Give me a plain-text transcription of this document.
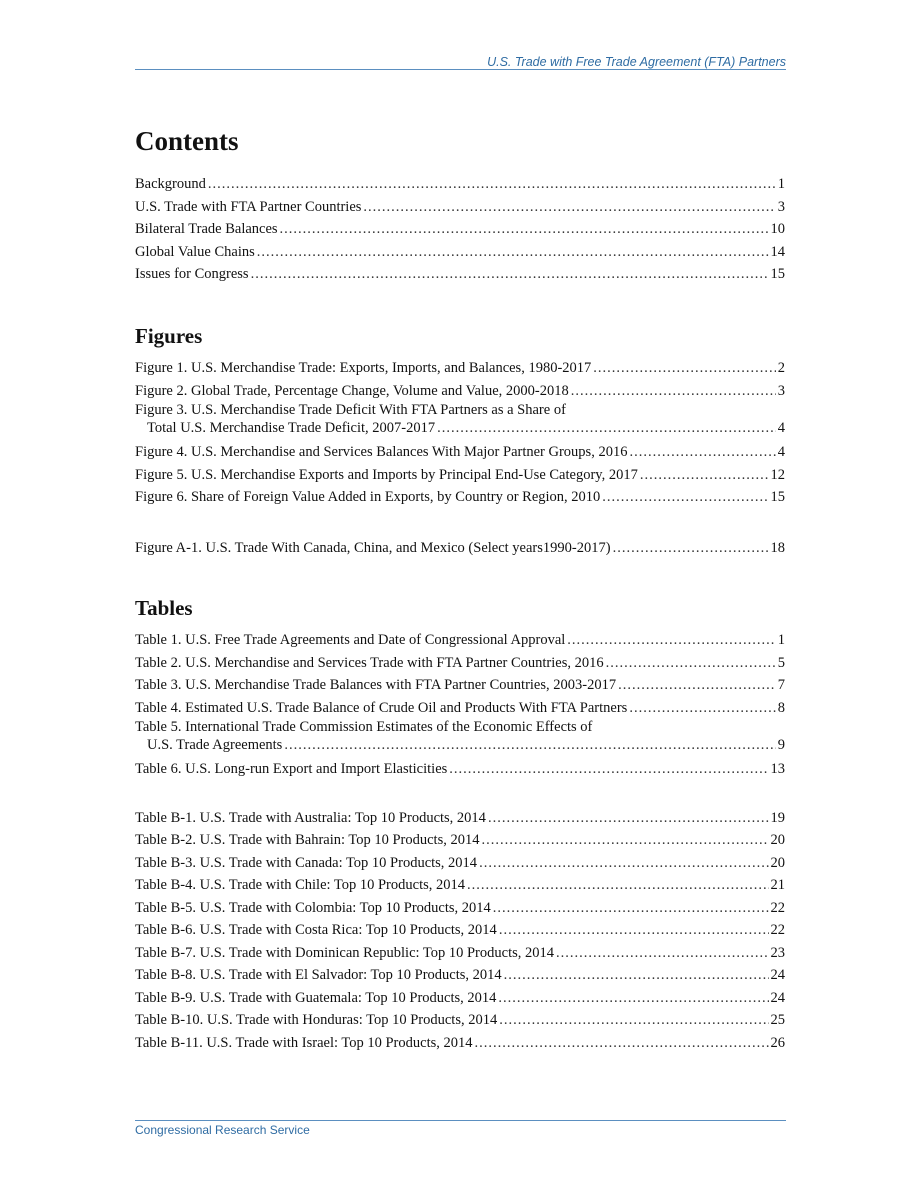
U.S. Trade with Free Trade Agreement (FTA) Partners
Contents
Background .....	1
U.S. Trade with FTA Partner Countries .....	3
Bilateral Trade Balances .....	10
Global Value Chains .....	14
Issues for Congress .....	15
Figures
Figure 1. U.S. Merchandise Trade: Exports, Imports, and Balances, 1980-2017 .....	2
Figure 2. Global Trade, Percentage Change, Volume and Value, 2000-2018 .....	3
Figure 3. U.S. Merchandise Trade Deficit With FTA Partners as a Share of
Total U.S. Merchandise Trade Deficit, 2007-2017 .....	4
Figure 4. U.S. Merchandise and Services Balances With Major Partner Groups, 2016 .....	4
Figure 5. U.S. Merchandise Exports and Imports by Principal End-Use Category, 2017 .....	12
Figure 6. Share of Foreign Value Added in Exports, by Country or Region, 2010 .....	15
Figure A-1. U.S. Trade With Canada, China, and Mexico (Select years1990-2017) .....	18
Tables
Table 1. U.S. Free Trade Agreements and Date of Congressional Approval .....	1
Table 2. U.S. Merchandise and Services Trade with FTA Partner Countries, 2016 .....	5
Table 3. U.S. Merchandise Trade Balances with FTA Partner Countries, 2003-2017 .....	7
Table 4. Estimated U.S. Trade Balance of Crude Oil and Products With FTA Partners .....	8
Table 5. International Trade Commission Estimates of the Economic Effects of
U.S. Trade Agreements .....	9
Table 6. U.S. Long-run Export and Import Elasticities .....	13
Table B-1. U.S. Trade with Australia: Top 10 Products, 2014 .....	19
Table B-2. U.S. Trade with Bahrain: Top 10 Products, 2014 .....	20
Table B-3. U.S. Trade with Canada: Top 10 Products, 2014 .....	20
Table B-4. U.S. Trade with Chile: Top 10 Products, 2014 .....	21
Table B-5. U.S. Trade with Colombia: Top 10 Products, 2014 .....	22
Table B-6. U.S. Trade with Costa Rica: Top 10 Products, 2014 .....	22
Table B-7. U.S. Trade with Dominican Republic: Top 10 Products, 2014 .....	23
Table B-8. U.S. Trade with El Salvador: Top 10 Products, 2014 .....	24
Table B-9. U.S. Trade with Guatemala: Top 10 Products, 2014 .....	24
Table B-10. U.S. Trade with Honduras: Top 10 Products, 2014 .....	25
Table B-11. U.S. Trade with Israel: Top 10 Products, 2014 .....	26
Congressional Research Service
